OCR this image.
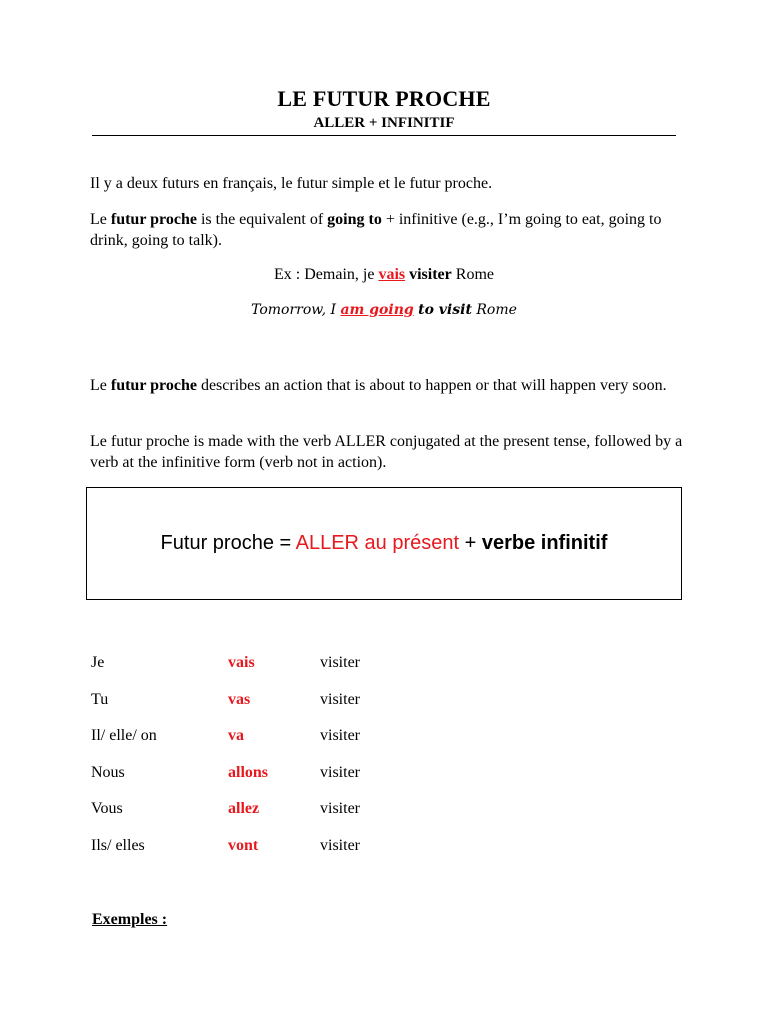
LE FUTUR PROCHE
ALLER + INFINITIF
Il y a deux futurs en français, le futur simple et le futur proche.
Le futur proche is the equivalent of going to + infinitive (e.g., I’m going to eat, going to drink, going to talk).
Ex : Demain, je vais visiter Rome
Tomorrow, I am going to visit Rome
Le futur proche describes an action that is about to happen or that will happen very soon.
Le futur proche is made with the verb ALLER conjugated at the present tense, followed by a verb at the infinitive form (verb not in action).
Futur proche = ALLER au présent + verbe infinitif
Je	vais	visiter
Tu	vas	visiter
Il/ elle/ on	va	visiter
Nous	allons	visiter
Vous	allez	visiter
Ils/ elles	vont	visiter
Exemples :
